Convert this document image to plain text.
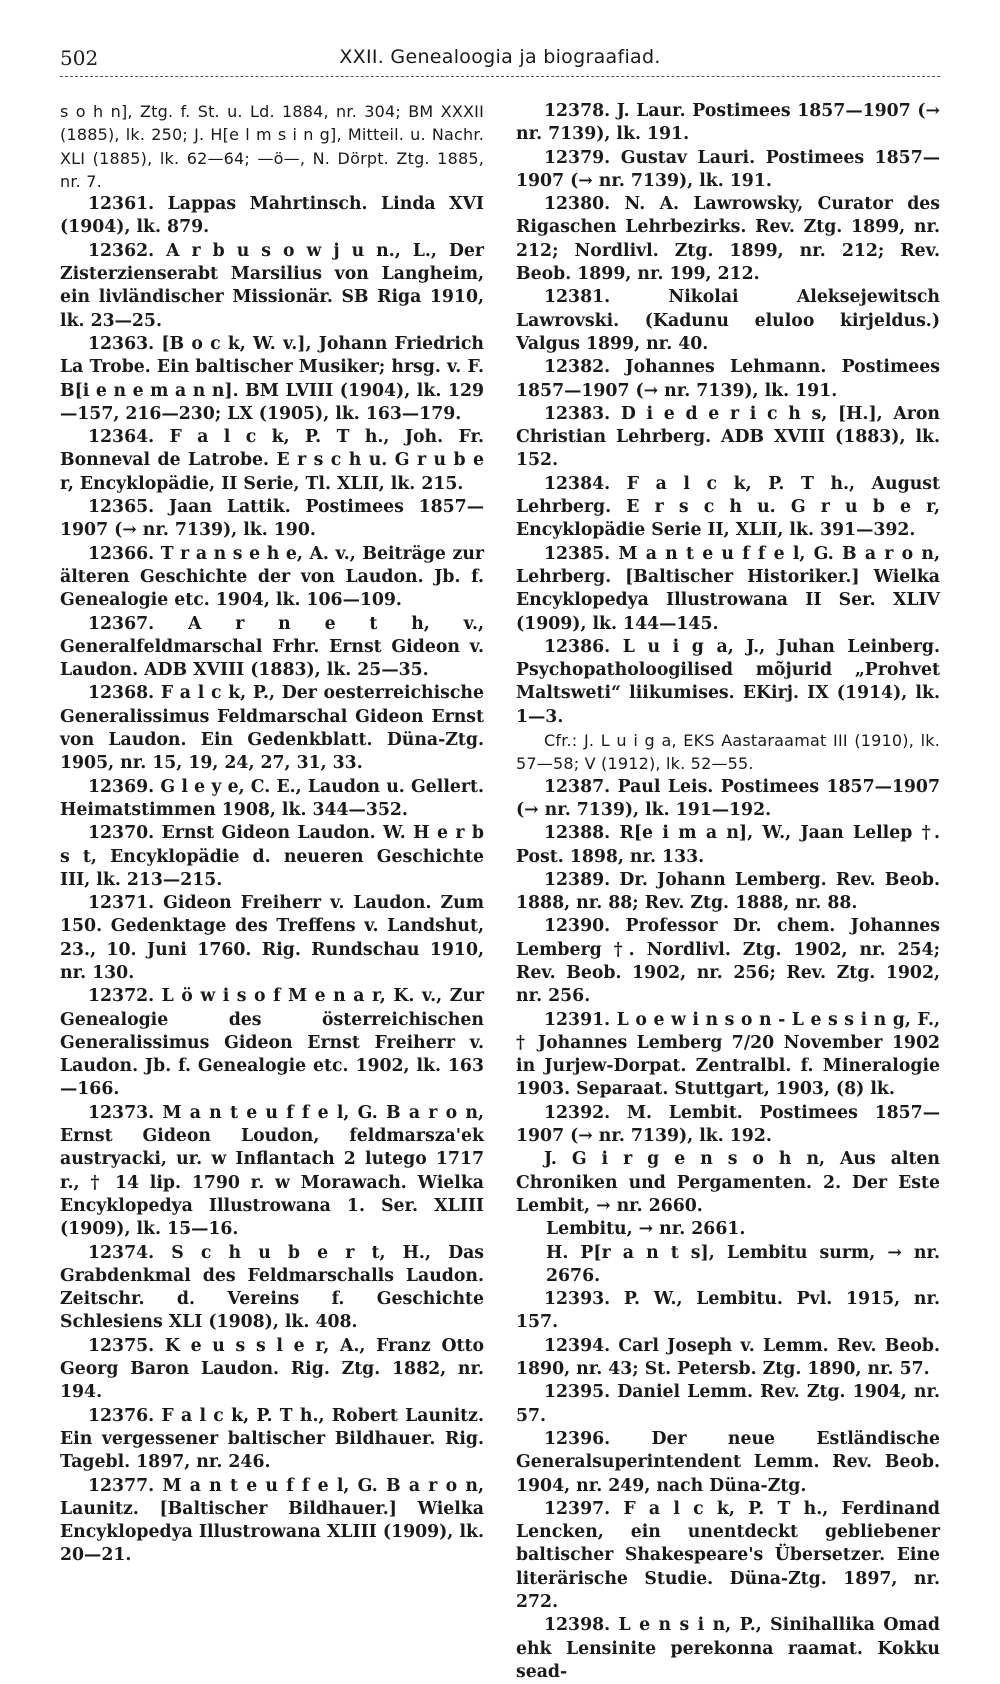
502	XXII. Genealoogia ja biograafiad.

s o h n], Ztg. f. St. u. Ld. 1884, nr. 304; BM XXXII (1885), lk. 250; J. H[e l m s i n g], Mitteil. u. Nachr. XLI (1885), lk. 62—64; —ö—, N. Dörpt. Ztg. 1885, nr. 7.

12361. Lappas Mahrtinsch. Linda XVI (1904), lk. 879.

12362. A r b u s o w j u n., L., Der Zisterzienserabt Marsilius von Langheim, ein livländischer Missionär. SB Riga 1910, lk. 23—25.

12363. [B o c k, W. v.], Johann Friedrich La Trobe. Ein baltischer Musiker; hrsg. v. F. B[i e n e m a n n]. BM LVIII (1904), lk. 129—157, 216—230; LX (1905), lk. 163—179.

12364. F a l c k, P. T h., Joh. Fr. Bonneval de Latrobe. E r s c h u. G r u b e r, Encyklopädie, II Serie, Tl. XLII, lk. 215.

12365. Jaan Lattik. Postimees 1857—1907 (→ nr. 7139), lk. 190.

12366. T r a n s e h e, A. v., Beiträge zur älteren Geschichte der von Laudon. Jb. f. Genealogie etc. 1904, lk. 106—109.

12367. A r n e t h, v., Generalfeldmarschal Frhr. Ernst Gideon v. Laudon. ADB XVIII (1883), lk. 25—35.

12368. F a l c k, P., Der oesterreichische Generalissimus Feldmarschal Gideon Ernst von Laudon. Ein Gedenkblatt. Düna-Ztg. 1905, nr. 15, 19, 24, 27, 31, 33.

12369. G l e y e, C. E., Laudon u. Gellert. Heimatstimmen 1908, lk. 344—352.

12370. Ernst Gideon Laudon. W. H e r b s t, Encyklopädie d. neueren Geschichte III, lk. 213—215.

12371. Gideon Freiherr v. Laudon. Zum 150. Gedenktage des Treffens v. Landshut, 23., 10. Juni 1760. Rig. Rundschau 1910, nr. 130.

12372. L ö w i s o f M e n a r, K. v., Zur Genealogie des österreichischen Generalissimus Gideon Ernst Freiherr v. Laudon. Jb. f. Genealogie etc. 1902, lk. 163—166.

12373. M a n t e u f f e l, G. B a r o n, Ernst Gideon Loudon, feldmarsza'ek austryacki, ur. w Inflantach 2 lutego 1717 r., † 14 lip. 1790 r. w Morawach. Wielka Encyklopedya Illustrowana 1. Ser. XLIII (1909), lk. 15—16.

12374. S c h u b e r t, H., Das Grabdenkmal des Feldmarschalls Laudon. Zeitschr. d. Vereins f. Geschichte Schlesiens XLI (1908), lk. 408.

12375. K e u s s l e r, A., Franz Otto Georg Baron Laudon. Rig. Ztg. 1882, nr. 194.

12376. F a l c k, P. T h., Robert Launitz. Ein vergessener baltischer Bildhauer. Rig. Tagebl. 1897, nr. 246.

12377. M a n t e u f f e l, G. B a r o n, Launitz. [Baltischer Bildhauer.] Wielka Encyklopedya Illustrowana XLIII (1909), lk. 20—21.

12378. J. Laur. Postimees 1857—1907 (→ nr. 7139), lk. 191.

12379. Gustav Lauri. Postimees 1857—1907 (→ nr. 7139), lk. 191.

12380. N. A. Lawrowsky, Curator des Rigaschen Lehrbezirks. Rev. Ztg. 1899, nr. 212; Nordlivl. Ztg. 1899, nr. 212; Rev. Beob. 1899, nr. 199, 212.

12381. Nikolai Aleksejewitsch Lawrovski. (Kadunu eluloo kirjeldus.) Valgus 1899, nr. 40.

12382. Johannes Lehmann. Postimees 1857—1907 (→ nr. 7139), lk. 191.

12383. D i e d e r i c h s, [H.], Aron Christian Lehrberg. ADB XVIII (1883), lk. 152.

12384. F a l c k, P. T h., August Lehrberg. E r s c h u. G r u b e r, Encyklopädie Serie II, XLII, lk. 391—392.

12385. M a n t e u f f e l, G. B a r o n, Lehrberg. [Baltischer Historiker.] Wielka Encyklopedya Illustrowana II Ser. XLIV (1909), lk. 144—145.

12386. L u i g a, J., Juhan Leinberg. Psychopatholoogilised mõjurid „Prohvet Maltsweti“ liikumises. EKirj. IX (1914), lk. 1—3.

Cfr.: J. L u i g a, EKS Aastaraamat III (1910), lk. 57—58; V (1912), lk. 52—55.

12387. Paul Leis. Postimees 1857—1907 (→ nr. 7139), lk. 191—192.

12388. R[e i m a n], W., Jaan Lellep †. Post. 1898, nr. 133.

12389. Dr. Johann Lemberg. Rev. Beob. 1888, nr. 88; Rev. Ztg. 1888, nr. 88.

12390. Professor Dr. chem. Johannes Lemberg †. Nordlivl. Ztg. 1902, nr. 254; Rev. Beob. 1902, nr. 256; Rev. Ztg. 1902, nr. 256.

12391. L o e w i n s o n - L e s s i n g, F., † Johannes Lemberg 7/20 November 1902 in Jurjew-Dorpat. Zentralbl. f. Mineralogie 1903. Separaat. Stuttgart, 1903, (8) lk.

12392. M. Lembit. Postimees 1857—1907 (→ nr. 7139), lk. 192.

J. G i r g e n s o h n, Aus alten Chroniken und Pergamenten. 2. Der Este Lembit, → nr. 2660.

Lembitu, → nr. 2661.

H. P[r a n t s], Lembitu surm, → nr. 2676.

12393. P. W., Lembitu. Pvl. 1915, nr. 157.

12394. Carl Joseph v. Lemm. Rev. Beob. 1890, nr. 43; St. Petersb. Ztg. 1890, nr. 57.

12395. Daniel Lemm. Rev. Ztg. 1904, nr. 57.

12396. Der neue Estländische Generalsuperintendent Lemm. Rev. Beob. 1904, nr. 249, nach Düna-Ztg.

12397. F a l c k, P. T h., Ferdinand Lencken, ein unentdeckt gebliebener baltischer Shakespeare's Übersetzer. Eine literärische Studie. Düna-Ztg. 1897, nr. 272.

12398. L e n s i n, P., Sinihallika Omad ehk Lensinite perekonna raamat. Kokku sead-
